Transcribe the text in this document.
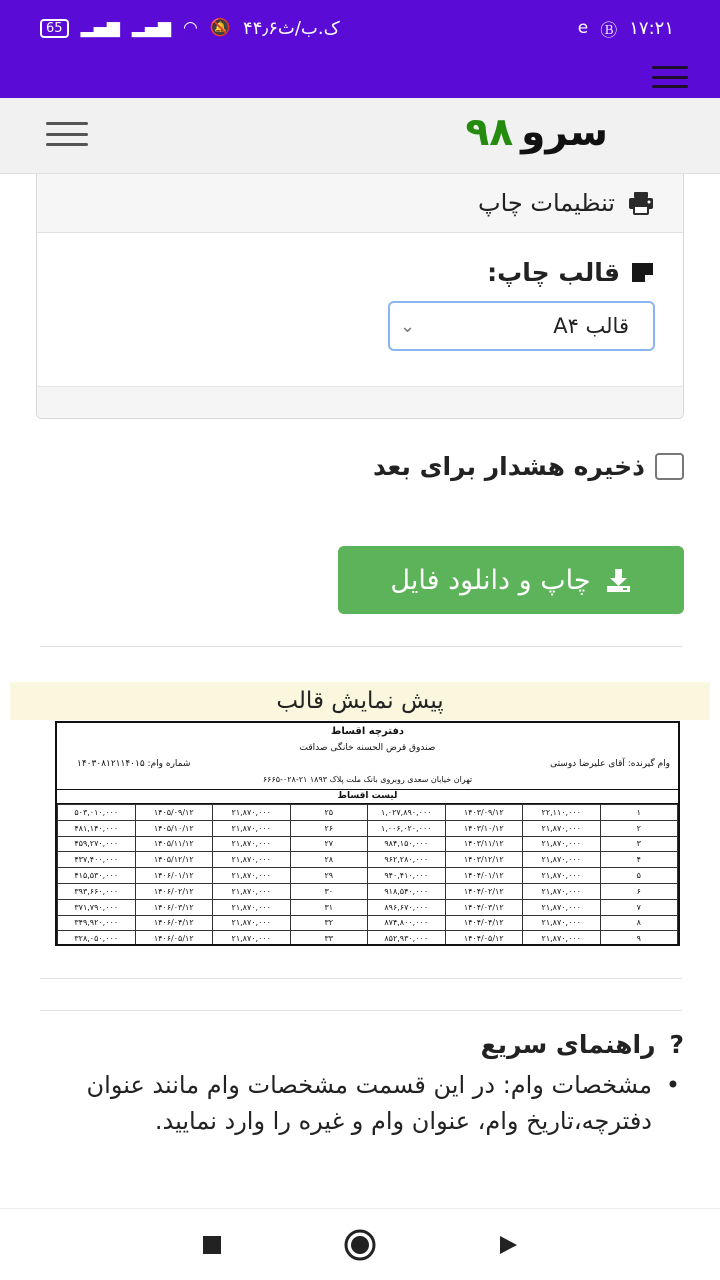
65	▂▄▆ ▂▄▆ ◠ 🔕 ۴۴٫۶ک.ب/ث	e Ⓑ ۱۷:۲۱
سرو۹۸
تنظیمات چاپ
قالب چاپ:
⌄	قالب A۴
ذخیره هشدار برای بعد
چاپ و دانلود فایل
پیش نمایش قالب
دفترچه اقساط
صندوق قرض الحسنه خانگی صداقت
شماره وام: ۱۴۰۳۰۸۱۲۱۱۴۰۱۵	وام گیرنده: آقای علیرضا دوستی
تهران خیابان سعدی روبروی بانک ملت پلاک ۱۸۹۳ ۲۱-۰۲۸-۶۶۶۵
لیست اقساط
۱	۲۲,۱۱۰,۰۰۰	۱۴۰۳/۰۹/۱۲	۱,۰۲۷,۸۹۰,۰۰۰	۲۵	۲۱,۸۷۰,۰۰۰	۱۴۰۵/۰۹/۱۲	۵۰۳,۰۱۰,۰۰۰
۲	۲۱,۸۷۰,۰۰۰	۱۴۰۳/۱۰/۱۲	۱,۰۰۶,۰۲۰,۰۰۰	۲۶	۲۱,۸۷۰,۰۰۰	۱۴۰۵/۱۰/۱۲	۴۸۱,۱۴۰,۰۰۰
۳	۲۱,۸۷۰,۰۰۰	۱۴۰۳/۱۱/۱۲	۹۸۴,۱۵۰,۰۰۰	۲۷	۲۱,۸۷۰,۰۰۰	۱۴۰۵/۱۱/۱۲	۴۵۹,۲۷۰,۰۰۰
۴	۲۱,۸۷۰,۰۰۰	۱۴۰۳/۱۲/۱۲	۹۶۲,۲۸۰,۰۰۰	۲۸	۲۱,۸۷۰,۰۰۰	۱۴۰۵/۱۲/۱۲	۴۳۷,۴۰۰,۰۰۰
۵	۲۱,۸۷۰,۰۰۰	۱۴۰۴/۰۱/۱۲	۹۴۰,۴۱۰,۰۰۰	۲۹	۲۱,۸۷۰,۰۰۰	۱۴۰۶/۰۱/۱۲	۴۱۵,۵۳۰,۰۰۰
۶	۲۱,۸۷۰,۰۰۰	۱۴۰۴/۰۲/۱۲	۹۱۸,۵۴۰,۰۰۰	۳۰	۲۱,۸۷۰,۰۰۰	۱۴۰۶/۰۲/۱۲	۳۹۳,۶۶۰,۰۰۰
۷	۲۱,۸۷۰,۰۰۰	۱۴۰۴/۰۳/۱۲	۸۹۶,۶۷۰,۰۰۰	۳۱	۲۱,۸۷۰,۰۰۰	۱۴۰۶/۰۳/۱۲	۳۷۱,۷۹۰,۰۰۰
۸	۲۱,۸۷۰,۰۰۰	۱۴۰۴/۰۴/۱۲	۸۷۴,۸۰۰,۰۰۰	۳۲	۲۱,۸۷۰,۰۰۰	۱۴۰۶/۰۴/۱۲	۳۴۹,۹۲۰,۰۰۰
۹	۲۱,۸۷۰,۰۰۰	۱۴۰۴/۰۵/۱۲	۸۵۲,۹۳۰,۰۰۰	۳۳	۲۱,۸۷۰,۰۰۰	۱۴۰۶/۰۵/۱۲	۳۲۸,۰۵۰,۰۰۰
?
راهنمای سریع
• مشخصات وام: در این قسمت مشخصات وام مانند عنوان دفترچه،تاریخ وام، عنوان وام و غیره را وارد نمایید.
